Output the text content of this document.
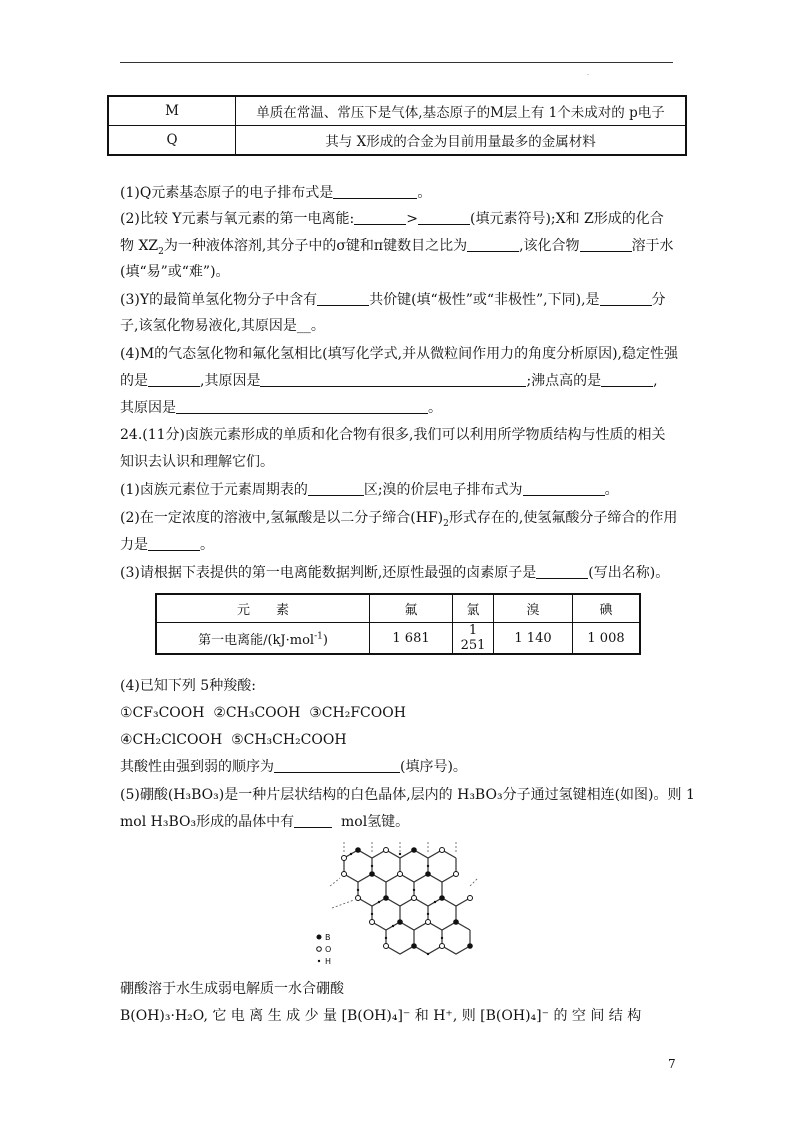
·
M	单质在常温、常压下是气体,基态原子的M层上有 1个未成对的 p电子
Q	其与 X形成的合金为目前用量最多的金属材料
(1)Q元素基态原子的电子排布式是	。
(2)比较 Y元素与氧元素的第一电离能:	>	(填元素符号);X和 Z形成的化合
物 $XZ_2$为一种液体溶剂,其分子中的σ键和π键数目之比为	,该化合物	溶于水
(填“易”或“难”)。
(3)Y的最简单氢化物分子中含有	共价键(填“极性”或“非极性”,下同),是	分
子,该氢化物易液化,其原因是__。
(4)M的气态氢化物和氟化氢相比(填写化学式,并从微粒间作用力的角度分析原因),稳定性强
的是	,其原因是	;沸点高的是	,
其原因是	。
24.(11分)卤族元素形成的单质和化合物有很多,我们可以利用所学物质结构与性质的相关
知识去认识和理解它们。
(1)卤族元素位于元素周期表的	区;溴的价层电子排布式为	。
(2)在一定浓度的溶液中,氢氟酸是以二分子缔合$(HF)_2$形式存在的,使氢氟酸分子缔合的作用
力是	。
(3)请根据下表提供的第一电离能数据判断,还原性最强的卤素原子是	(写出名称)。
元　　素	氟	氯	溴	碘
第一电离能/(kJ·mol$^{-1}$)	1 681	1 251	1 140	1 008
(4)已知下列 5种羧酸:
①CF₃COOH ②CH₃COOH ③CH₂FCOOH
④CH₂ClCOOH ⑤CH₃CH₂COOH
其酸性由强到弱的顺序为	(填序号)。
(5)硼酸(H₃BO₃)是一种片层状结构的白色晶体,层内的 H₃BO₃分子通过氢键相连(如图)。则 1
mol H₃BO₃形成的晶体中有	mol氢键。
B
O
H
硼酸溶于水生成弱电解质一水合硼酸
B(OH)₃·H₂O, 它 电 离 生 成 少 量 [B(OH)₄]⁻ 和 H⁺, 则 [B(OH)₄]⁻ 的 空 间 结 构
7
